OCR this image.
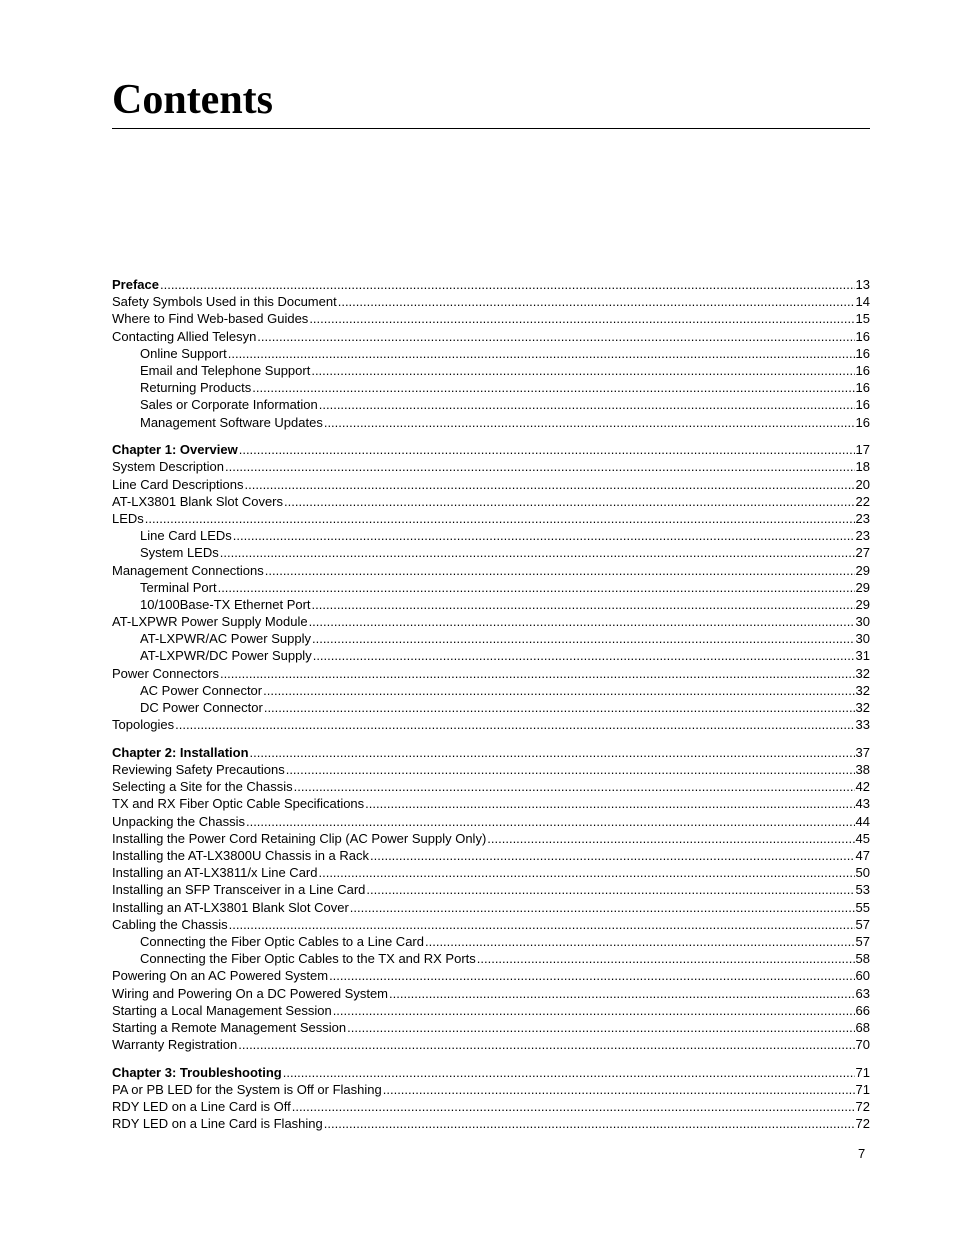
Contents
Preface .....	13
Safety Symbols Used in this Document .....	14
Where to Find Web-based Guides .....	15
Contacting Allied Telesyn .....	16
Online Support .....	16
Email and Telephone Support .....	16
Returning Products .....	16
Sales or Corporate Information .....	16
Management Software Updates .....	16
Chapter 1: Overview .....	17
System Description .....	18
Line Card Descriptions .....	20
AT-LX3801 Blank Slot Covers .....	22
LEDs .....	23
Line Card LEDs .....	23
System LEDs .....	27
Management Connections .....	29
Terminal Port .....	29
10/100Base-TX Ethernet Port .....	29
AT-LXPWR Power Supply Module .....	30
AT-LXPWR/AC Power Supply .....	30
AT-LXPWR/DC Power Supply .....	31
Power Connectors .....	32
AC Power Connector .....	32
DC Power Connector .....	32
Topologies .....	33
Chapter 2: Installation .....	37
Reviewing Safety Precautions .....	38
Selecting a Site for the Chassis .....	42
TX and RX Fiber Optic Cable Specifications .....	43
Unpacking the Chassis .....	44
Installing the Power Cord Retaining Clip (AC Power Supply Only) .....	45
Installing the AT-LX3800U Chassis in a Rack .....	47
Installing an AT-LX3811/x Line Card .....	50
Installing an SFP Transceiver in a Line Card .....	53
Installing an AT-LX3801 Blank Slot Cover .....	55
Cabling the Chassis .....	57
Connecting the Fiber Optic Cables to a Line Card .....	57
Connecting the Fiber Optic Cables to the TX and RX Ports .....	58
Powering On an AC Powered System .....	60
Wiring and Powering On a DC Powered System .....	63
Starting a Local Management Session .....	66
Starting a Remote Management Session .....	68
Warranty Registration .....	70
Chapter 3: Troubleshooting .....	71
PA or PB LED for the System is Off or Flashing .....	71
RDY LED on a Line Card is Off .....	72
RDY LED on a Line Card is Flashing .....	72
7
